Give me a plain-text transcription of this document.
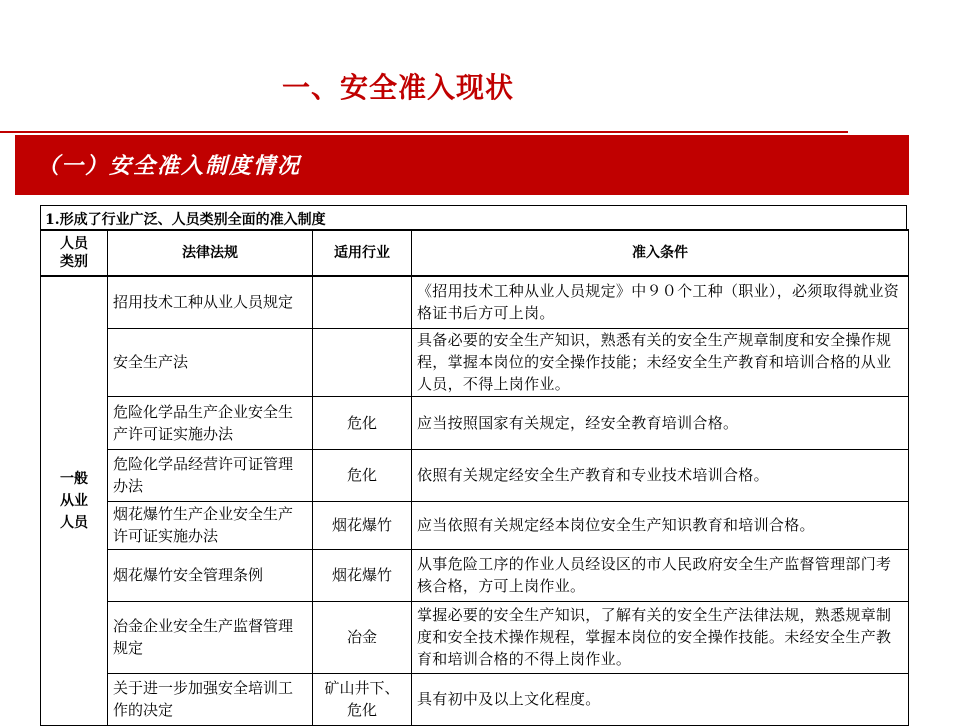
一、安全准入现状
（一）安全准入制度情况
1.形成了行业广泛、人员类别全面的准入制度
人员类别	法律法规	适用行业	准入条件
一般从业人员	招用技术工种从业人员规定		《招用技术工种从业人员规定》中９０个工种（职业），必须取得就业资格证书后方可上岗。
	安全生产法		具备必要的安全生产知识，熟悉有关的安全生产规章制度和安全操作规程，掌握本岗位的安全操作技能；未经安全生产教育和培训合格的从业人员，不得上岗作业。
	危险化学品生产企业安全生产许可证实施办法	危化	应当按照国家有关规定，经安全教育培训合格。
	危险化学品经营许可证管理办法	危化	依照有关规定经安全生产教育和专业技术培训合格。
	烟花爆竹生产企业安全生产许可证实施办法	烟花爆竹	应当依照有关规定经本岗位安全生产知识教育和培训合格。
	烟花爆竹安全管理条例	烟花爆竹	从事危险工序的作业人员经设区的市人民政府安全生产监督管理部门考核合格，方可上岗作业。
	冶金企业安全生产监督管理规定	冶金	掌握必要的安全生产知识，了解有关的安全生产法律法规，熟悉规章制度和安全技术操作规程，掌握本岗位的安全操作技能。未经安全生产教育和培训合格的不得上岗作业。
	关于进一步加强安全培训工作的决定	矿山井下、危化	具有初中及以上文化程度。
